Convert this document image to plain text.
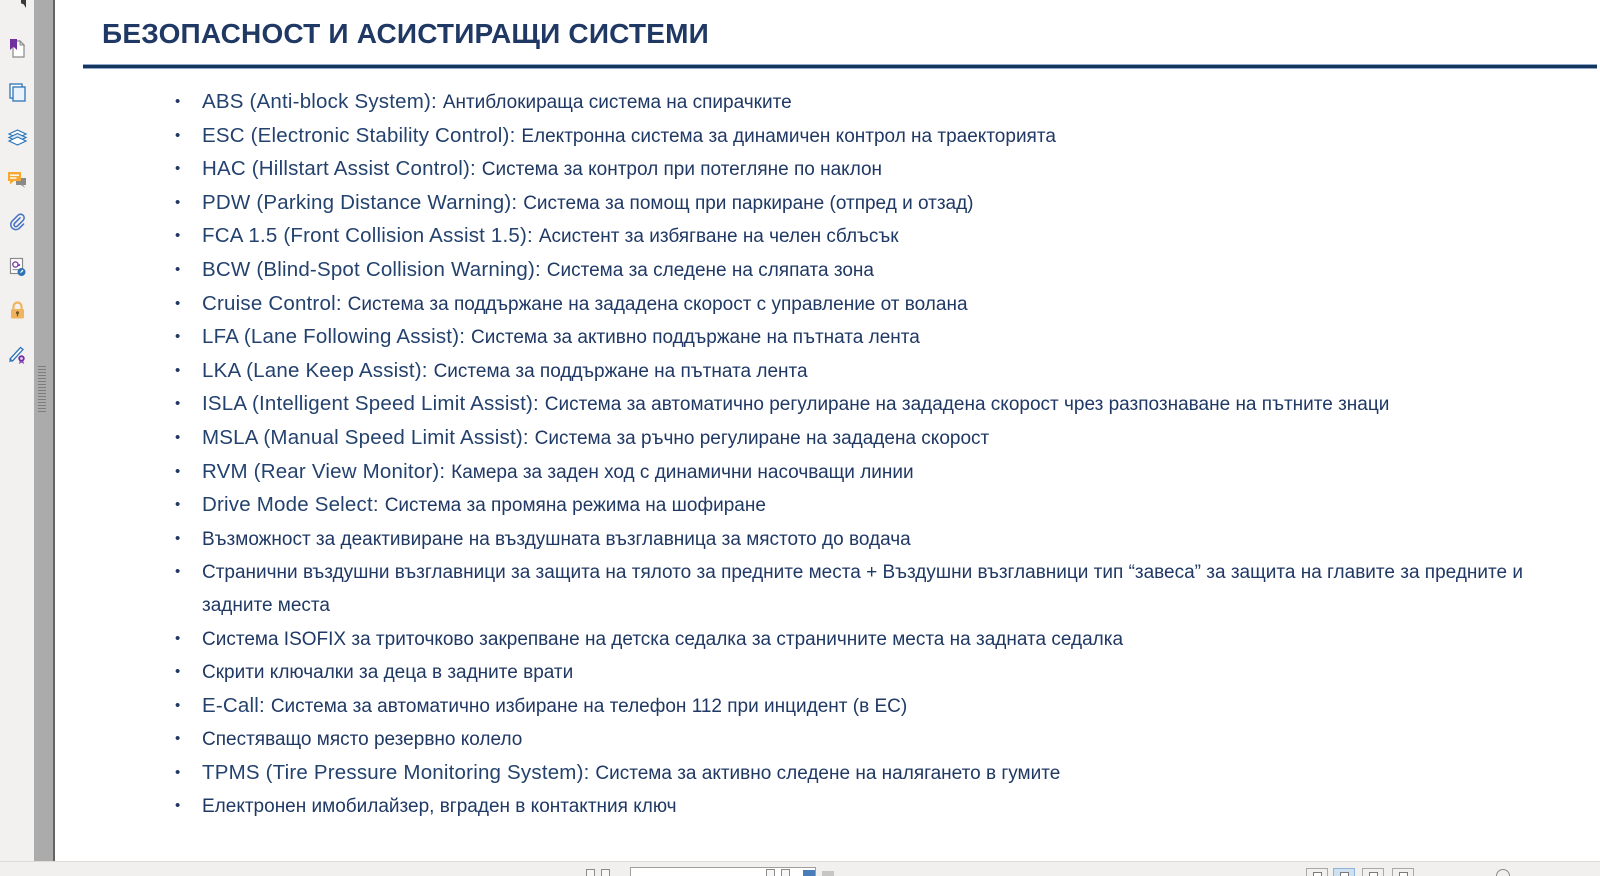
БЕЗОПАСНОСТ И АСИСТИРАЩИ СИСТЕМИ
• ABS (Anti-block System): Антиблокираща система на спирачките
• ESC (Electronic Stability Control): Електронна система за динамичен контрол на траекторията
• HAC (Hillstart Assist Control): Система за контрол при потегляне по наклон
• PDW (Parking Distance Warning): Система за помощ при паркиране (отпред и отзад)
• FCA 1.5 (Front Collision Assist 1.5): Асистент за избягване на челен сблъсък
• BCW (Blind-Spot Collision Warning): Система за следене на сляпата зона
• Cruise Control: Система за поддържане на зададена скорост с управление от волана
• LFA (Lane Following Assist): Система за активно поддържане на пътната лента
• LKA (Lane Keep Assist): Система за поддържане на пътната лента
• ISLA (Intelligent Speed Limit Assist): Система за автоматично регулиране на зададена скорост чрез разпознаване на пътните знаци
• MSLA (Manual Speed Limit Assist): Система за ръчно регулиране на зададена скорост
• RVM (Rear View Monitor): Камера за заден ход с динамични насочващи линии
• Drive Mode Select: Система за промяна режима на шофиране
• Възможност за деактивиране на въздушната възглавница за мястото до водача
• Странични въздушни възглавници за защита на тялото за предните места + Въздушни възглавници тип “завеса” за защита на главите за предните и задните места
• Система ISOFIX за триточково закрепване на детска седалка за страничните места на задната седалка
• Скрити ключалки за деца в задните врати
• E-Call: Система за автоматично избиране на телефон 112 при инцидент (в ЕС)
• Спестяващо място резервно колело
• TPMS (Tire Pressure Monitoring System): Система за активно следене на налягането в гумите
• Електронен имобилайзер, вграден в контактния ключ
